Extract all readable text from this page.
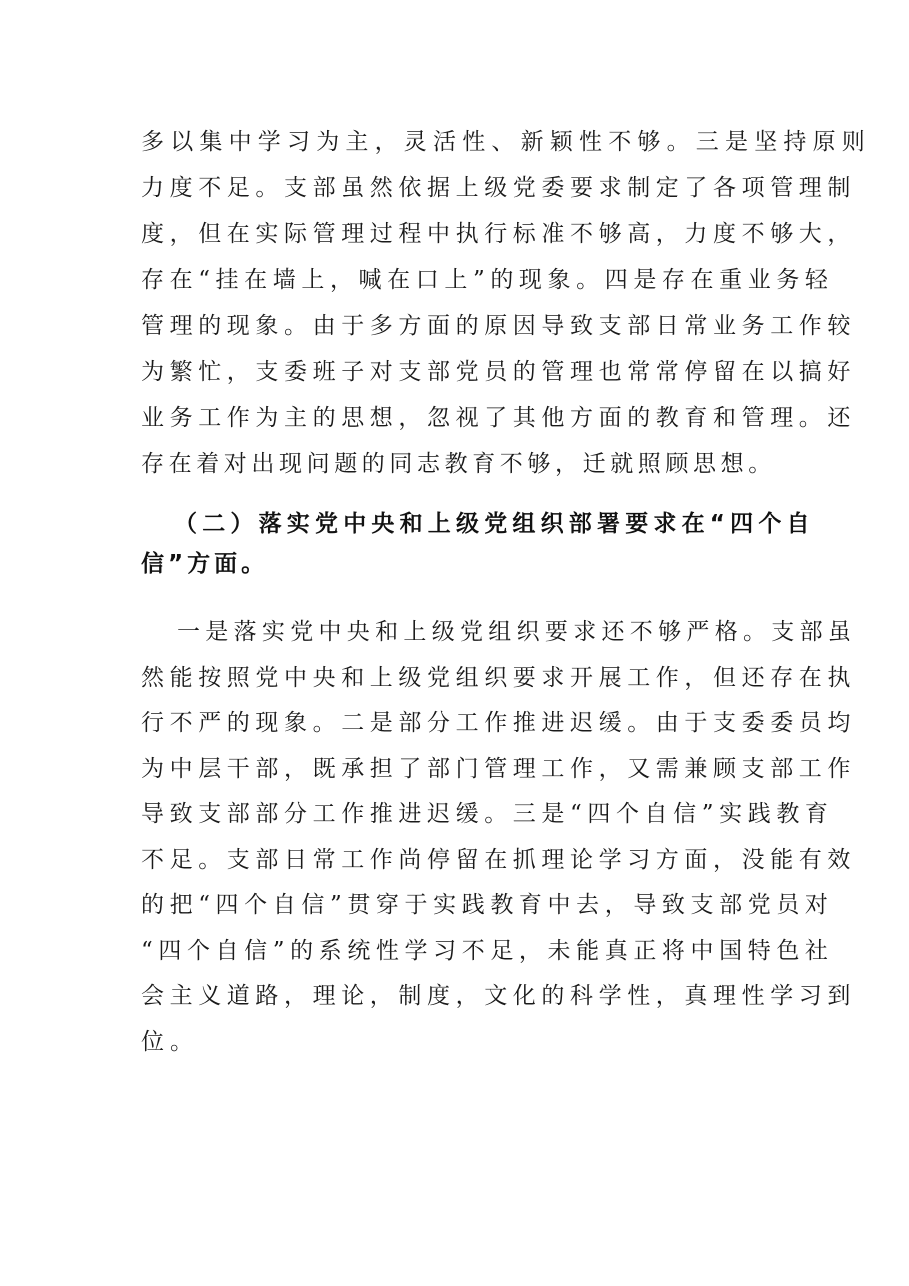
多以集中学习为主，灵活性、新颖性不够。三是坚持原则
力度不足。支部虽然依据上级党委要求制定了各项管理制
度，但在实际管理过程中执行标准不够高，力度不够大，
存在“挂在墙上，喊在口上”的现象。四是存在重业务轻
管理的现象。由于多方面的原因导致支部日常业务工作较
为繁忙，支委班子对支部党员的管理也常常停留在以搞好
业务工作为主的思想，忽视了其他方面的教育和管理。还
存在着对出现问题的同志教育不够，迁就照顾思想。
（二）落实党中央和上级党组织部署要求在“四个自
信”方面。
一是落实党中央和上级党组织要求还不够严格。支部虽
然能按照党中央和上级党组织要求开展工作，但还存在执
行不严的现象。二是部分工作推进迟缓。由于支委委员均
为中层干部，既承担了部门管理工作，又需兼顾支部工作
导致支部部分工作推进迟缓。三是“四个自信”实践教育
不足。支部日常工作尚停留在抓理论学习方面，没能有效
的把“四个自信”贯穿于实践教育中去，导致支部党员对
“四个自信”的系统性学习不足，未能真正将中国特色社
会主义道路，理论，制度，文化的科学性，真理性学习到
位。
